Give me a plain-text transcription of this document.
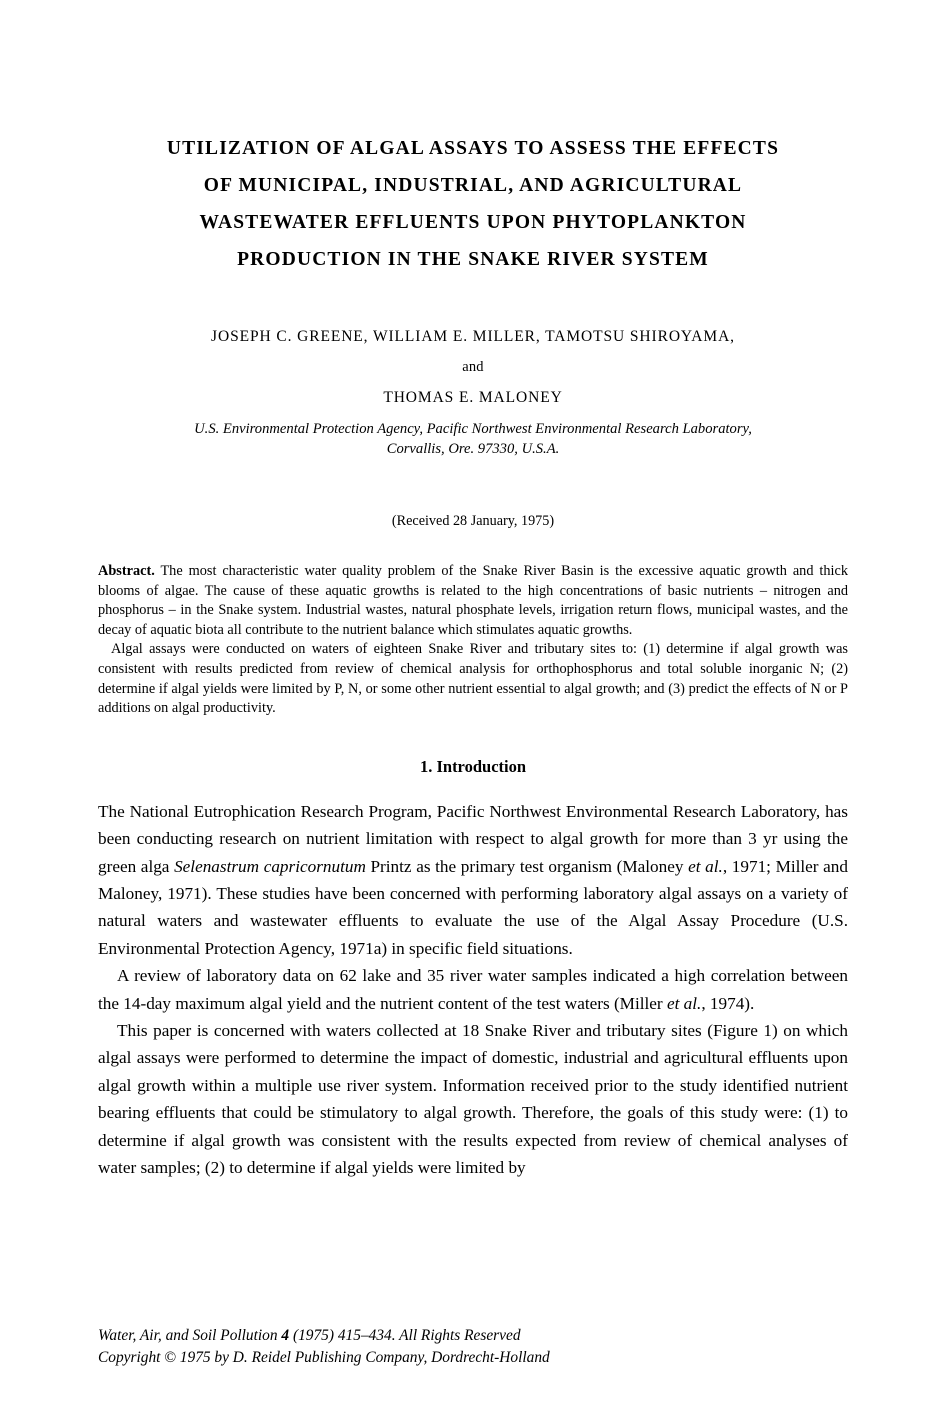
UTILIZATION OF ALGAL ASSAYS TO ASSESS THE EFFECTS
OF MUNICIPAL, INDUSTRIAL, AND AGRICULTURAL
WASTEWATER EFFLUENTS UPON PHYTOPLANKTON
PRODUCTION IN THE SNAKE RIVER SYSTEM
JOSEPH C. GREENE, WILLIAM E. MILLER, TAMOTSU SHIROYAMA,
and
THOMAS E. MALONEY
U.S. Environmental Protection Agency, Pacific Northwest Environmental Research Laboratory,
Corvallis, Ore. 97330, U.S.A.
(Received 28 January, 1975)

Abstract. The most characteristic water quality problem of the Snake River Basin is the excessive aquatic growth and thick blooms of algae. The cause of these aquatic growths is related to the high concentrations of basic nutrients – nitrogen and phosphorus – in the Snake system. Industrial wastes, natural phosphate levels, irrigation return flows, municipal wastes, and the decay of aquatic biota all contribute to the nutrient balance which stimulates aquatic growths.

Algal assays were conducted on waters of eighteen Snake River and tributary sites to: (1) determine if algal growth was consistent with results predicted from review of chemical analysis for orthophosphorus and total soluble inorganic N; (2) determine if algal yields were limited by P, N, or some other nutrient essential to algal growth; and (3) predict the effects of N or P additions on algal productivity.

1. Introduction

The National Eutrophication Research Program, Pacific Northwest Environmental Research Laboratory, has been conducting research on nutrient limitation with respect to algal growth for more than 3 yr using the green alga Selenastrum capricornutum Printz as the primary test organism (Maloney et al., 1971; Miller and Maloney, 1971). These studies have been concerned with performing laboratory algal assays on a variety of natural waters and wastewater effluents to evaluate the use of the Algal Assay Procedure (U.S. Environmental Protection Agency, 1971a) in specific field situations.

A review of laboratory data on 62 lake and 35 river water samples indicated a high correlation between the 14-day maximum algal yield and the nutrient content of the test waters (Miller et al., 1974).

This paper is concerned with waters collected at 18 Snake River and tributary sites (Figure 1) on which algal assays were performed to determine the impact of domestic, industrial and agricultural effluents upon algal growth within a multiple use river system. Information received prior to the study identified nutrient bearing effluents that could be stimulatory to algal growth. Therefore, the goals of this study were: (1) to determine if algal growth was consistent with the results expected from review of chemical analyses of water samples; (2) to determine if algal yields were limited by

Water, Air, and Soil Pollution 4 (1975) 415–434. All Rights Reserved
Copyright © 1975 by D. Reidel Publishing Company, Dordrecht-Holland
